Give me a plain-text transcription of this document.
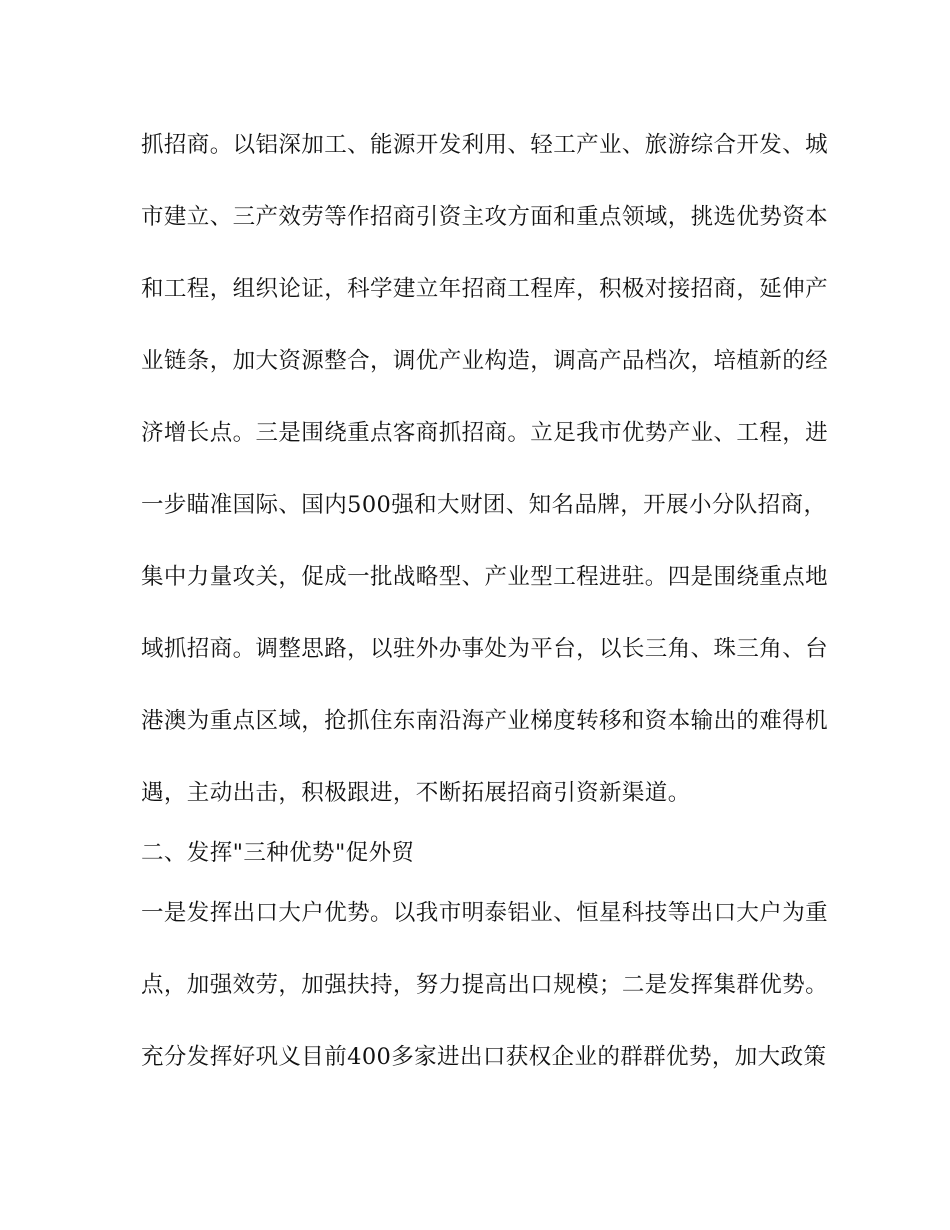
抓招商。以铝深加工、能源开发利用、轻工产业、旅游综合开发、城
市建立、三产效劳等作招商引资主攻方面和重点领域，挑选优势资本
和工程，组织论证，科学建立年招商工程库，积极对接招商，延伸产
业链条，加大资源整合，调优产业构造，调高产品档次，培植新的经
济增长点。三是围绕重点客商抓招商。立足我市优势产业、工程，进
一步瞄准国际、国内500强和大财团、知名品牌，开展小分队招商，
集中力量攻关，促成一批战略型、产业型工程进驻。四是围绕重点地
域抓招商。调整思路，以驻外办事处为平台，以长三角、珠三角、台
港澳为重点区域，抢抓住东南沿海产业梯度转移和资本输出的难得机
遇，主动出击，积极跟进，不断拓展招商引资新渠道。
二、发挥"三种优势"促外贸
一是发挥出口大户优势。以我市明泰铝业、恒星科技等出口大户为重
点，加强效劳，加强扶持，努力提高出口规模；二是发挥集群优势。
充分发挥好巩义目前400多家进出口获权企业的群群优势，加大政策
